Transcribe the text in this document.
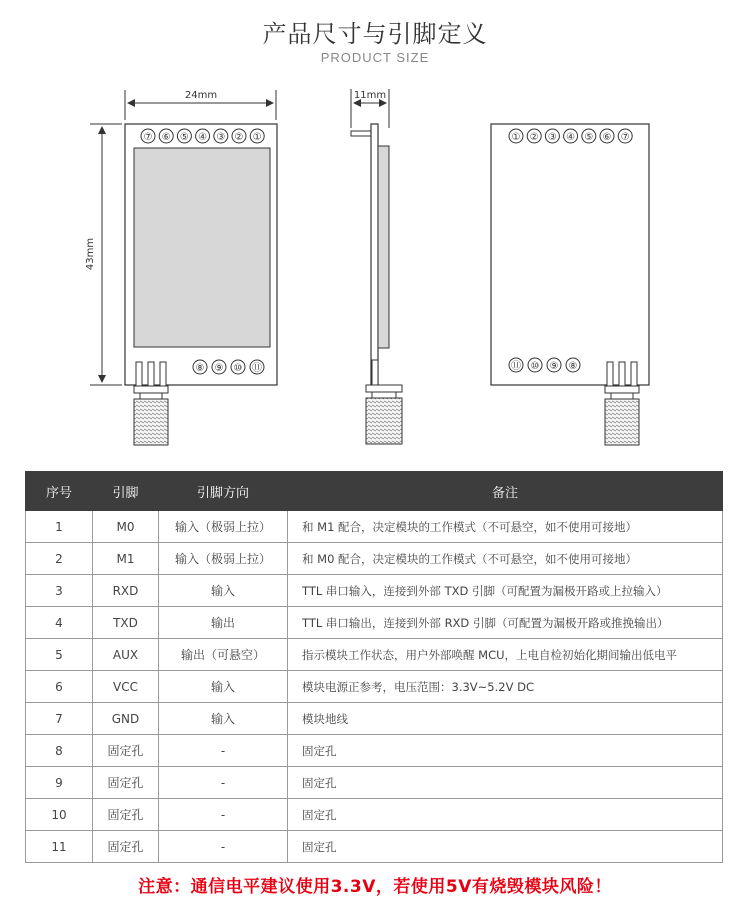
产品尺寸与引脚定义
PRODUCT SIZE
24mm
43mm
⑦ ⑥ ⑤ ④ ③ ② ①
⑧ ⑨ ⑩ ⑪
11mm
① ② ③ ④ ⑤ ⑥ ⑦
⑪ ⑩ ⑨ ⑧
序号	引脚	引脚方向	备注
1	M0	输入（极弱上拉）	和 M1 配合，决定模块的工作模式（不可悬空，如不使用可接地）
2	M1	输入（极弱上拉）	和 M0 配合，决定模块的工作模式（不可悬空，如不使用可接地）
3	RXD	输入	TTL 串口输入，连接到外部 TXD 引脚（可配置为漏极开路或上拉输入）
4	TXD	输出	TTL 串口输出，连接到外部 RXD 引脚（可配置为漏极开路或推挽输出）
5	AUX	输出（可悬空）	指示模块工作状态，用户外部唤醒 MCU，上电自检初始化期间输出低电平
6	VCC	输入	模块电源正参考，电压范围：3.3V~5.2V DC
7	GND	输入	模块地线
8	固定孔	-	固定孔
9	固定孔	-	固定孔
10	固定孔	-	固定孔
11	固定孔	-	固定孔
注意：通信电平建议使用3.3V，若使用5V有烧毁模块风险！
